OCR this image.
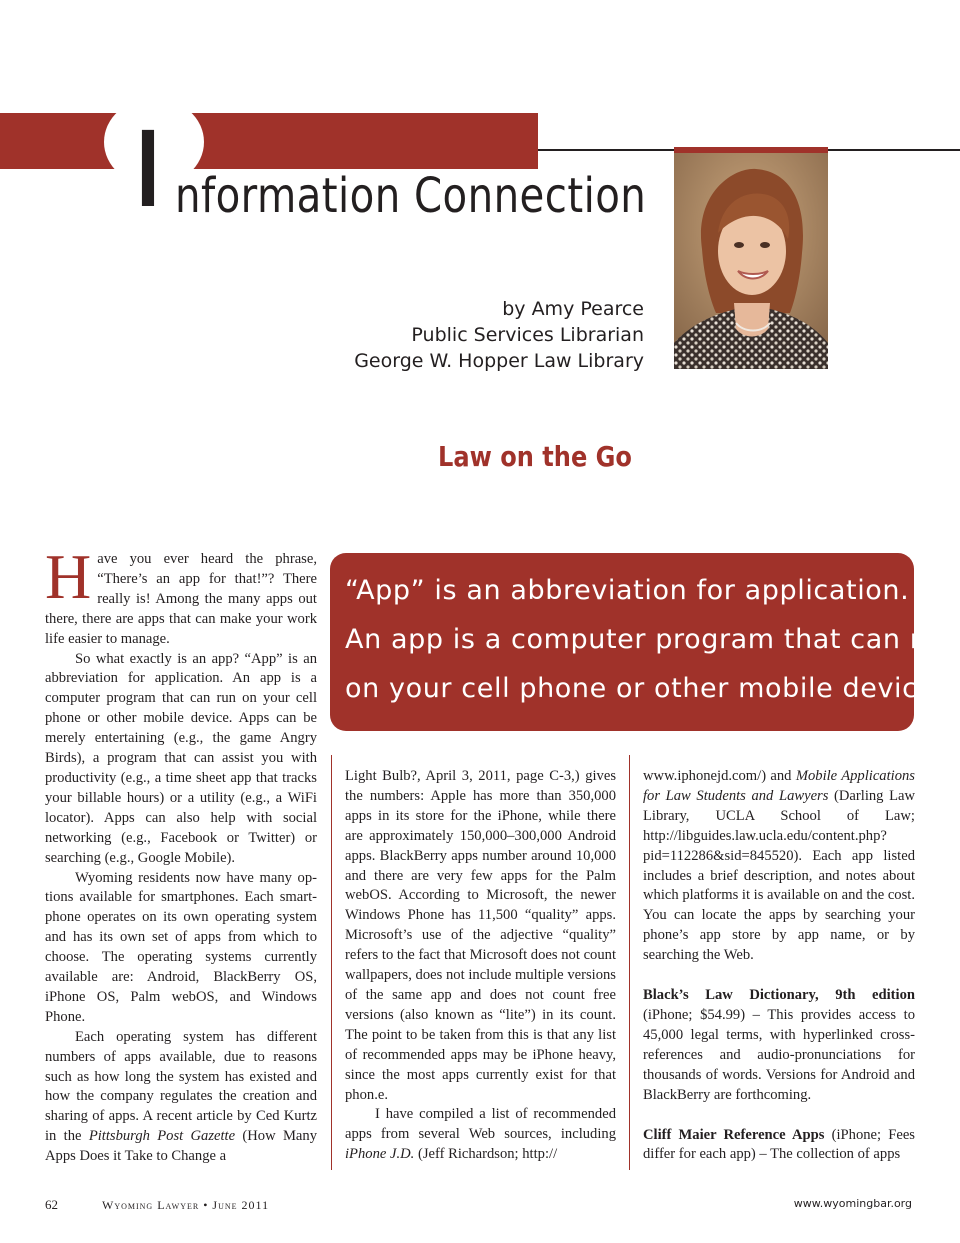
I nformation Connection
by Amy Pearce
Public Services Librarian
George W. Hopper Law Library
Law on the Go
“App” is an abbreviation for application.
An app is a computer program that can run
on your cell phone or other mobile device.

Have you ever heard the phrase, “There’s an app for that!”? There really is! Among the many apps out there, there are apps that can make your work life easier to manage.

So what exactly is an app? “App” is an abbreviation for application. An app is a computer program that can run on your cell phone or other mobile device. Apps can be merely entertaining (e.g., the game Angry Birds), a program that can assist you with productivity (e.g., a time sheet app that tracks your billable hours) or a utility (e.g., a WiFi locator). Apps can also help with social networking (e.g., Facebook or Twitter) or searching (e.g., Google Mobile).

Wyoming residents now have many options available for smartphones. Each smartphone operates on its own operating system and has its own set of apps from which to choose. The operating systems currently available are: Android, BlackBerry OS, iPhone OS, Palm webOS, and Windows Phone.

Each operating system has different numbers of apps available, due to reasons such as how long the system has existed and how the company regulates the creation and sharing of apps. A recent article by Ced Kurtz in the Pittsburgh Post Gazette (How Many Apps Does it Take to Change a

Light Bulb?, April 3, 2011, page C-3,) gives the numbers: Apple has more than 350,000 apps in its store for the iPhone, while there are approximately 150,000–300,000 Android apps. BlackBerry apps number around 10,000 and there are very few apps for the Palm webOS. According to Microsoft, the newer Windows Phone has 11,500 “quality” apps. Microsoft’s use of the adjective “quality” refers to the fact that Microsoft does not count wallpapers, does not include multiple versions of the same app and does not count free versions (also known as “lite”) in its count. The point to be taken from this is that any list of recommended apps may be iPhone heavy, since the most apps currently exist for that phon.e.

I have compiled a list of recommended apps from several Web sources, including iPhone J.D. (Jeff Richardson; http://

www.iphonejd.com/) and Mobile Applications for Law Students and Lawyers (Darling Law Library, UCLA School of Law; http://libguides.law.ucla.edu/content.php?pid=112286&sid=845520). Each app listed includes a brief description, and notes about which platforms it is available on and the cost. You can locate the apps by searching your phone’s app store by app name, or by searching the Web.

Black’s Law Dictionary, 9th edition (iPhone; $54.99) – This provides access to 45,000 legal terms, with hyperlinked cross-references and audio-pronunciations for thousands of words. Versions for Android and BlackBerry are forthcoming.

Cliff Maier Reference Apps (iPhone; Fees differ for each app) – The collection of apps

62	Wyoming Lawyer • June 2011	www.wyomingbar.org
